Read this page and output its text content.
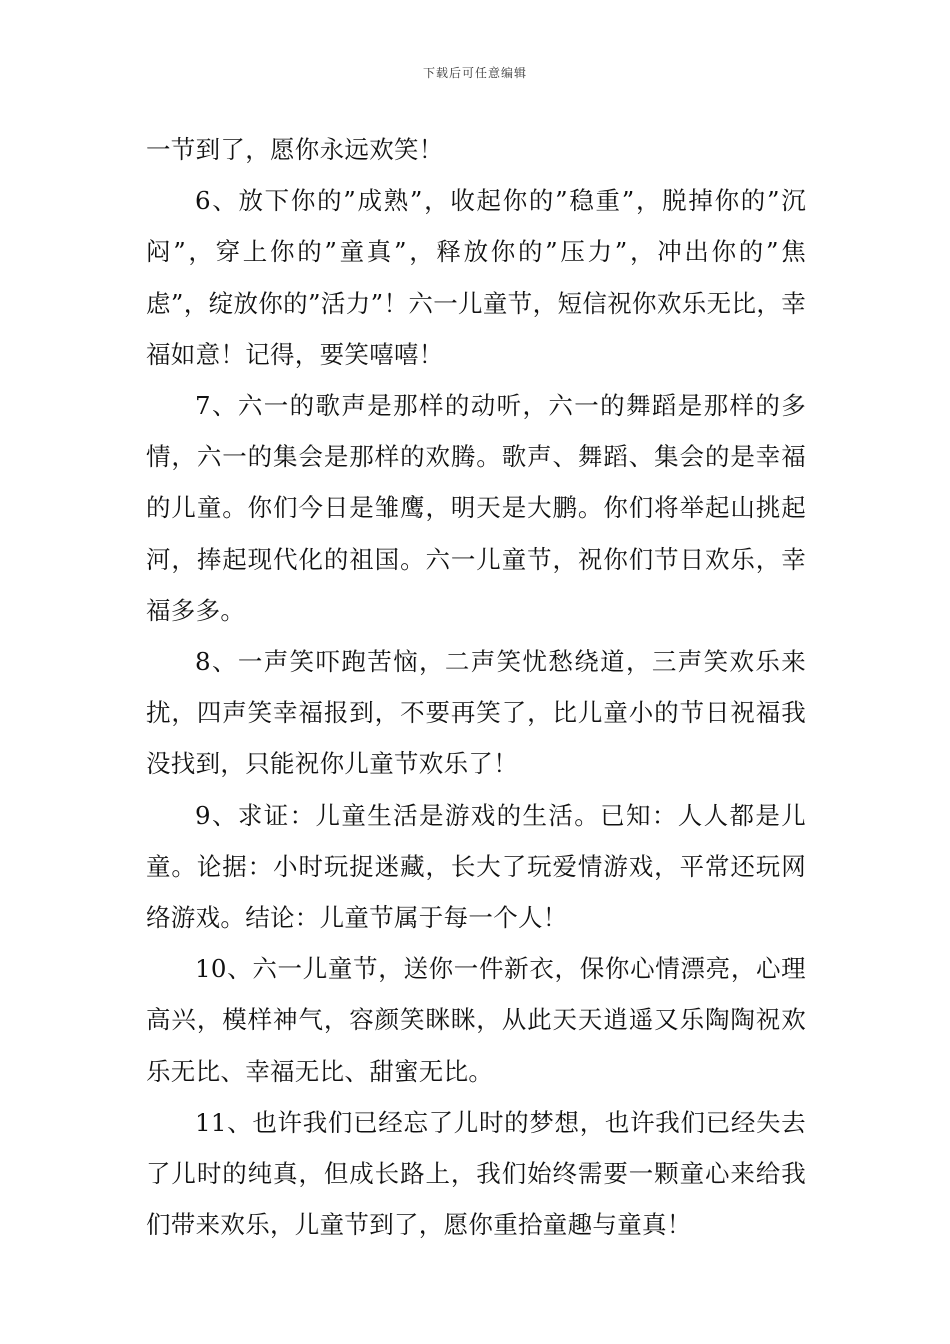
下载后可任意编辑

一节到了，愿你永远欢笑！

6、放下你的”成熟”，收起你的”稳重”，脱掉你的”沉闷”，穿上你的”童真”，释放你的”压力”，冲出你的”焦虑”，绽放你的”活力”！六一儿童节，短信祝你欢乐无比，幸福如意！记得，要笑嘻嘻！

7、六一的歌声是那样的动听，六一的舞蹈是那样的多情，六一的集会是那样的欢腾。歌声、舞蹈、集会的是幸福的儿童。你们今日是雏鹰，明天是大鹏。你们将举起山挑起河，捧起现代化的祖国。六一儿童节，祝你们节日欢乐，幸福多多。

8、一声笑吓跑苦恼，二声笑忧愁绕道，三声笑欢乐来扰，四声笑幸福报到，不要再笑了，比儿童小的节日祝福我没找到，只能祝你儿童节欢乐了！

9、求证：儿童生活是游戏的生活。已知：人人都是儿童。论据：小时玩捉迷藏，长大了玩爱情游戏，平常还玩网络游戏。结论：儿童节属于每一个人！

10、六一儿童节，送你一件新衣，保你心情漂亮，心理高兴，模样神气，容颜笑眯眯，从此天天逍遥又乐陶陶祝欢乐无比、幸福无比、甜蜜无比。

11、也许我们已经忘了儿时的梦想，也许我们已经失去了儿时的纯真，但成长路上，我们始终需要一颗童心来给我们带来欢乐，儿童节到了，愿你重拾童趣与童真！
